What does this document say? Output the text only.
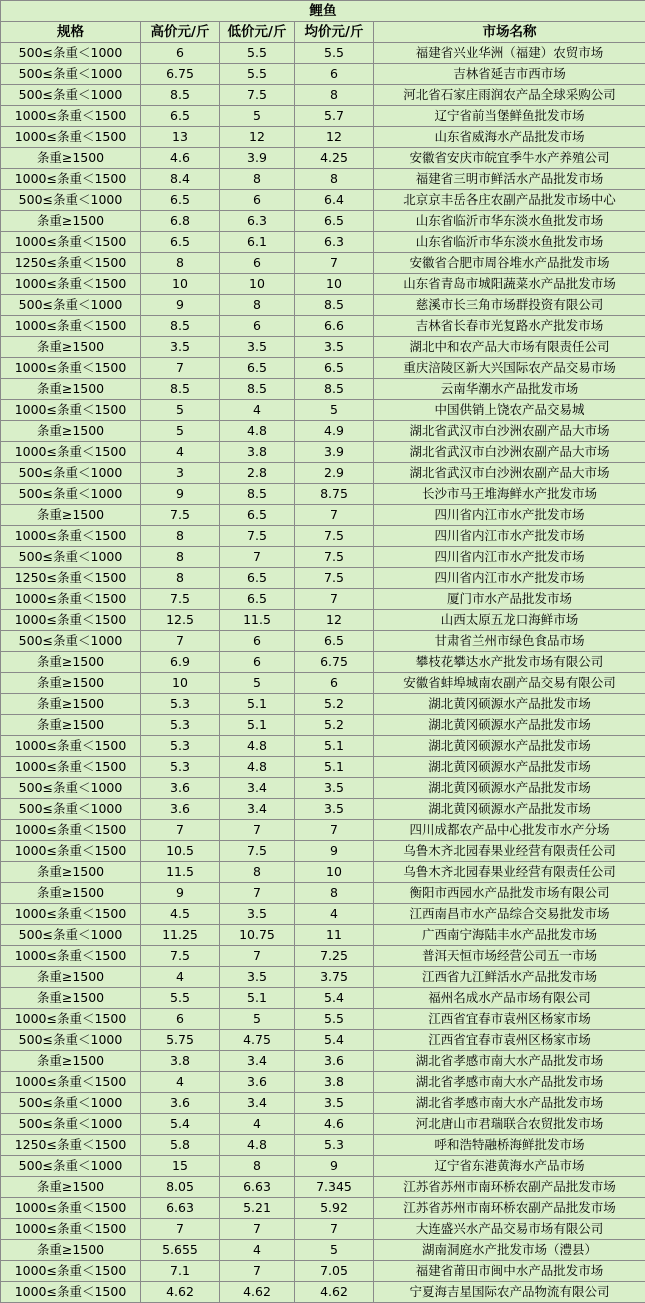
鲤鱼				
规格	高价元/斤	低价元/斤	均价元/斤	市场名称
500≤条重＜1000	6	5.5	5.5	福建省兴业华洲（福建）农贸市场
500≤条重＜1000	6.75	5.5	6	吉林省延吉市西市场
500≤条重＜1000	8.5	7.5	8	河北省石家庄雨润农产品全球采购公司
1000≤条重＜1500	6.5	5	5.7	辽宁省前当堡鲜鱼批发市场
1000≤条重＜1500	13	12	12	山东省威海水产品批发市场
条重≥1500	4.6	3.9	4.25	安徽省安庆市皖宜季牛水产养殖公司
1000≤条重＜1500	8.4	8	8	福建省三明市鲜活水产品批发市场
500≤条重＜1000	6.5	6	6.4	北京京丰岳各庄农副产品批发市场中心
条重≥1500	6.8	6.3	6.5	山东省临沂市华东淡水鱼批发市场
1000≤条重＜1500	6.5	6.1	6.3	山东省临沂市华东淡水鱼批发市场
1250≤条重＜1500	8	6	7	安徽省合肥市周谷堆水产品批发市场
1000≤条重＜1500	10	10	10	山东省青岛市城阳蔬菜水产品批发市场
500≤条重＜1000	9	8	8.5	慈溪市长三角市场群投资有限公司
1000≤条重＜1500	8.5	6	6.6	吉林省长春市光复路水产批发市场
条重≥1500	3.5	3.5	3.5	湖北中和农产品大市场有限责任公司
1000≤条重＜1500	7	6.5	6.5	重庆涪陵区新大兴国际农产品交易市场
条重≥1500	8.5	8.5	8.5	云南华潮水产品批发市场
1000≤条重＜1500	5	4	5	中国供销上饶农产品交易城
条重≥1500	5	4.8	4.9	湖北省武汉市白沙洲农副产品大市场
1000≤条重＜1500	4	3.8	3.9	湖北省武汉市白沙洲农副产品大市场
500≤条重＜1000	3	2.8	2.9	湖北省武汉市白沙洲农副产品大市场
500≤条重＜1000	9	8.5	8.75	长沙市马王堆海鲜水产批发市场
条重≥1500	7.5	6.5	7	四川省内江市水产批发市场
1000≤条重＜1500	8	7.5	7.5	四川省内江市水产批发市场
500≤条重＜1000	8	7	7.5	四川省内江市水产批发市场
1250≤条重＜1500	8	6.5	7.5	四川省内江市水产批发市场
1000≤条重＜1500	7.5	6.5	7	厦门市水产品批发市场
1000≤条重＜1500	12.5	11.5	12	山西太原五龙口海鲜市场
500≤条重＜1000	7	6	6.5	甘肃省兰州市绿色食品市场
条重≥1500	6.9	6	6.75	攀枝花攀达水产批发市场有限公司
条重≥1500	10	5	6	安徽省蚌埠城南农副产品交易有限公司
条重≥1500	5.3	5.1	5.2	湖北黄冈硕源水产品批发市场
条重≥1500	5.3	5.1	5.2	湖北黄冈硕源水产品批发市场
1000≤条重＜1500	5.3	4.8	5.1	湖北黄冈硕源水产品批发市场
1000≤条重＜1500	5.3	4.8	5.1	湖北黄冈硕源水产品批发市场
500≤条重＜1000	3.6	3.4	3.5	湖北黄冈硕源水产品批发市场
500≤条重＜1000	3.6	3.4	3.5	湖北黄冈硕源水产品批发市场
1000≤条重＜1500	7	7	7	四川成都农产品中心批发市水产分场
1000≤条重＜1500	10.5	7.5	9	乌鲁木齐北园春果业经营有限责任公司
条重≥1500	11.5	8	10	乌鲁木齐北园春果业经营有限责任公司
条重≥1500	9	7	8	衡阳市西园水产品批发市场有限公司
1000≤条重＜1500	4.5	3.5	4	江西南昌市水产品综合交易批发市场
500≤条重＜1000	11.25	10.75	11	广西南宁海陆丰水产品批发市场
1000≤条重＜1500	7.5	7	7.25	普洱天恒市场经营公司五一市场
条重≥1500	4	3.5	3.75	江西省九江鲜活水产品批发市场
条重≥1500	5.5	5.1	5.4	福州名成水产品市场有限公司
1000≤条重＜1500	6	5	5.5	江西省宜春市袁州区杨家市场
500≤条重＜1000	5.75	4.75	5.4	江西省宜春市袁州区杨家市场
条重≥1500	3.8	3.4	3.6	湖北省孝感市南大水产品批发市场
1000≤条重＜1500	4	3.6	3.8	湖北省孝感市南大水产品批发市场
500≤条重＜1000	3.6	3.4	3.5	湖北省孝感市南大水产品批发市场
500≤条重＜1000	5.4	4	4.6	河北唐山市君瑞联合农贸批发市场
1250≤条重＜1500	5.8	4.8	5.3	呼和浩特融桥海鲜批发市场
500≤条重＜1000	15	8	9	辽宁省东港黄海水产品市场
条重≥1500	8.05	6.63	7.345	江苏省苏州市南环桥农副产品批发市场
1000≤条重＜1500	6.63	5.21	5.92	江苏省苏州市南环桥农副产品批发市场
1000≤条重＜1500	7	7	7	大连盛兴水产品交易市场有限公司
条重≥1500	5.655	4	5	湖南洞庭水产批发市场（澧县）
1000≤条重＜1500	7.1	7	7.05	福建省莆田市闽中水产品批发市场
1000≤条重＜1500	4.62	4.62	4.62	宁夏海吉星国际农产品物流有限公司
